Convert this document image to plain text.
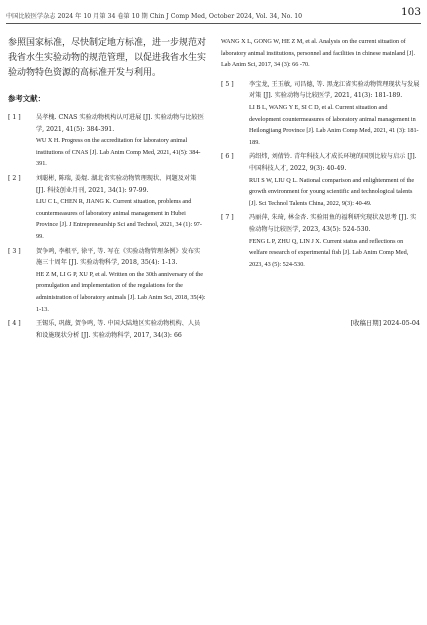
中国比较医学杂志 2024 年 10 月第 34 卷第 10 期 Chin J Comp Med, October 2024, Vol. 34, No. 10	103

参照国家标准，尽快制定地方标准，进一步规范对我省水生实验动物的规范管理，以促进我省水生实验动物特色资源的高标准开发与利用。

参考文献：
[ 1 ]	吴孝槐. CNAS 实验动物机构认可进展 [J]. 实验动物与比较医学, 2021, 41(5): 384-391.

WU X H. Progress on the accreditation for laboratory animal institutions of CNAS [J]. Lab Anim Comp Med, 2021, 41(5): 384-391.

[ 2 ]	刘聪彬, 陈瑞, 姜焜. 湖北省实验动物管理现状、问题及对策 [J]. 科技创业月刊, 2021, 34(1): 97-99.

LIU C L, CHEN R, JIANG K. Current situation, problems and countermeasures of laboratory animal management in Hubei Province [J]. J Entrepreneurship Sci and Technol, 2021, 34 (1): 97-99.

[ 3 ]	贺争鸣, 李根平, 徐平, 等. 写在《实验动物管理条例》发布实施三十周年 [J]. 实验动物科学, 2018, 35(4): 1-13.

HE Z M, LI G P, XU P, et al. Written on the 30th anniversary of the promulgation and implementation of the regulations for the administration of laboratory animals [J]. Lab Anim Sci, 2018, 35(4): 1-13.

[ 4 ]	王锡乐, 巩薇, 贺争鸣, 等. 中国大陆地区实验动物机构、人员和设施现状分析 [J]. 实验动物科学, 2017, 34(3): 66

WANG X L, GONG W, HE Z M, et al. Analysis on the current situation of laboratory animal institutions, personnel and facilities in chinese mainland [J]. Lab Anim Sci, 2017, 34 (3): 66 -70.

[ 5 ]	李宝龙, 王玉敏, 司昌德, 等. 黑龙江省实验动物管理现状与发展对策 [J]. 实验动物与比较医学, 2021, 41(3): 181-189.

LI B L, WANG Y E, SI C D, et al. Current situation and development countermeasures of laboratory animal management in Heilongjiang Province [J]. Lab Anim Comp Med, 2021, 41 (3): 181-189.

[ 6 ]	芮绍炜, 刘倩铃. 青年科技人才成长环境的国别比较与启示 [J]. 中国科技人才, 2022, 9(3): 40-49.

RUI S W, LIU Q L. National comparison and enlightenment of the growth environment for young scientific and technological talents [J]. Sci Technol Talents China, 2022, 9(3): 40-49.

[ 7 ]	冯丽萍, 朱琦, 林金杏. 实验用鱼的福利研究现状及思考 [J]. 实验动物与比较医学, 2023, 43(5): 524-530.

FENG L P, ZHU Q, LIN J X. Current status and reflections on welfare research of experimental fish [J]. Lab Anim Comp Med, 2023, 43 (5): 524-530.

[收稿日期] 2024-05-04
